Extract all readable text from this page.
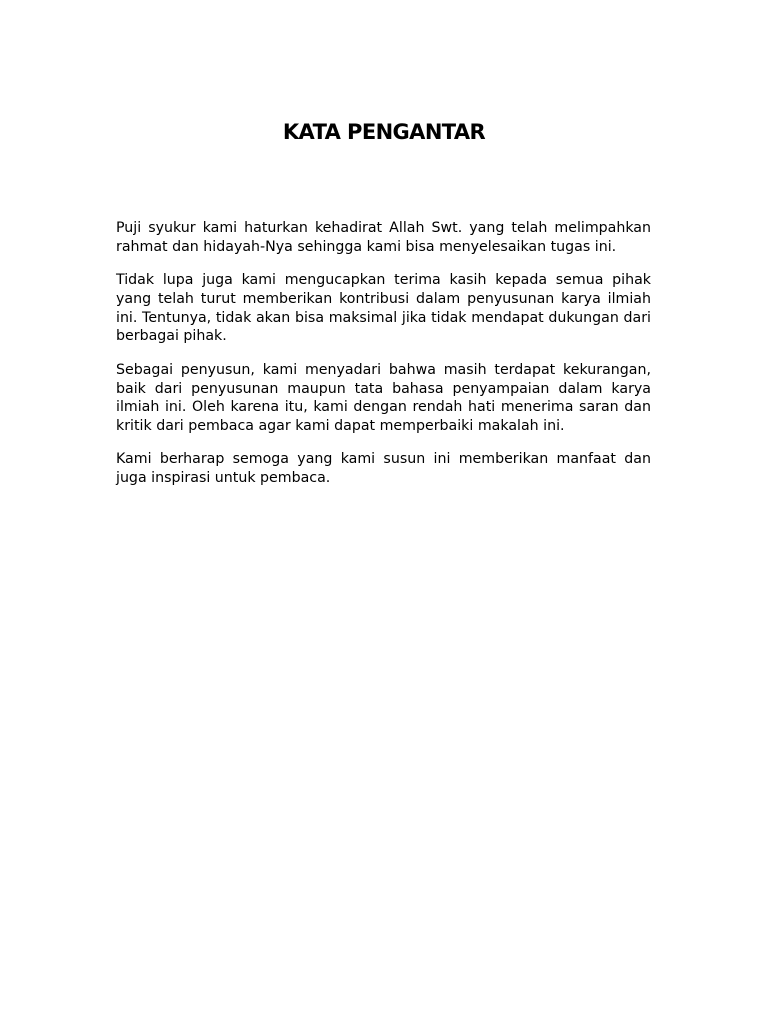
KATA PENGANTAR

Puji syukur kami haturkan kehadirat Allah Swt. yang telah melimpahkan rahmat dan hidayah-Nya sehingga kami bisa menyelesaikan tugas ini.

Tidak lupa juga kami mengucapkan terima kasih kepada semua pihak yang telah turut memberikan kontribusi dalam penyusunan karya ilmiah ini. Tentunya, tidak akan bisa maksimal jika tidak mendapat dukungan dari berbagai pihak.

Sebagai penyusun, kami menyadari bahwa masih terdapat kekurangan, baik dari penyusunan maupun tata bahasa penyampaian dalam karya ilmiah ini. Oleh karena itu, kami dengan rendah hati menerima saran dan kritik dari pembaca agar kami dapat memperbaiki makalah ini.

Kami berharap semoga yang kami susun ini memberikan manfaat dan juga inspirasi untuk pembaca.
